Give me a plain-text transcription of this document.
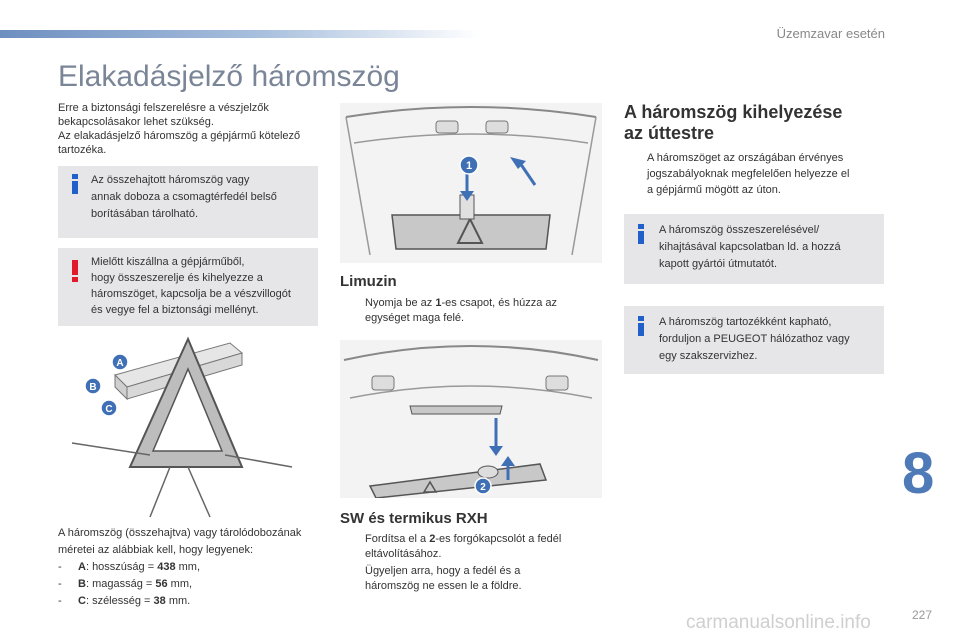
Üzemzavar esetén
Elakadásjelző háromszög
Erre a biztonsági felszerelésre a vészjelzők
bekapcsolásakor lehet szükség.
Az elakadásjelző háromszög a gépjármű kötelező
tartozéka.
Az összehajtott háromszög vagy
annak doboza a csomagtérfedél belső
borításában tárolható.
Mielőtt kiszállna a gépjárműből,
hogy összeszerelje és kihelyezze a
háromszöget, kapcsolja be a vészvillogót
és vegye fel a biztonsági mellényt.
A
B
C
A háromszög (összehajtva) vagy tárolódobozának
méretei az alábbiak kell, hogy legyenek:
- A: hosszúság = 438 mm,
- B: magasság = 56 mm,
- C: szélesség = 38 mm.
1
Limuzin
Nyomja be az 1-es csapot, és húzza az
egységet maga felé.
2
SW és termikus RXH
Fordítsa el a 2-es forgókapcsolót a fedél
eltávolításához.
Ügyeljen arra, hogy a fedél és a
háromszög ne essen le a földre.
A háromszög kihelyezése
az úttestre
A háromszöget az országában érvényes
jogszabályoknak megfelelően helyezze el
a gépjármű mögött az úton.
A háromszög összeszerelésével/
kihajtásával kapcsolatban ld. a hozzá
kapott gyártói útmutatót.
A háromszög tartozékként kapható,
forduljon a PEUGEOT hálózathoz vagy
egy szakszervizhez.
8
carmanualsonline.info	227
